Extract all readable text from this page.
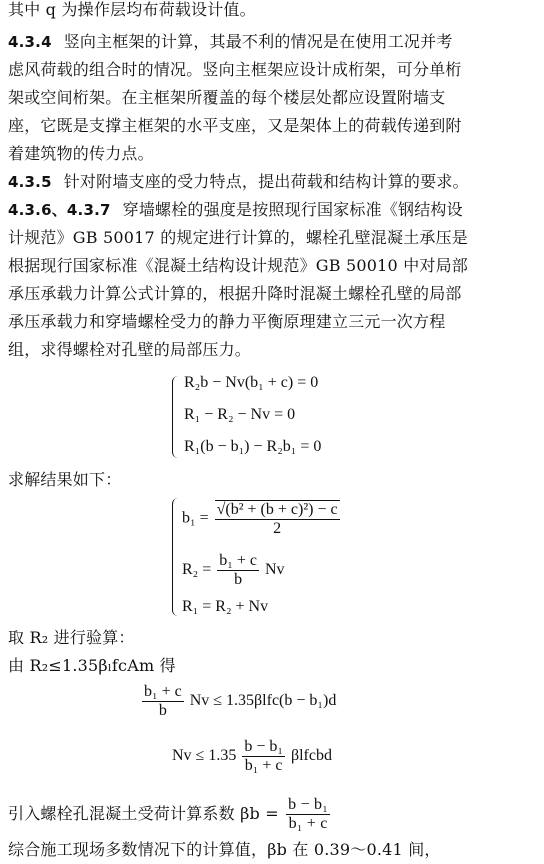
其中 q 为操作层均布荷载设计值。
4.3.4 竖向主框架的计算，其最不利的情况是在使用工况并考
虑风荷载的组合时的情况。竖向主框架应设计成桁架，可分单桁
架或空间桁架。在主框架所覆盖的每个楼层处都应设置附墙支
座，它既是支撑主框架的水平支座，又是架体上的荷载传递到附
着建筑物的传力点。
4.3.5 针对附墙支座的受力特点，提出荷载和结构计算的要求。
4.3.6、4.3.7 穿墙螺栓的强度是按照现行国家标准《钢结构设
计规范》GB 50017 的规定进行计算的，螺栓孔壁混凝土承压是
根据现行国家标准《混凝土结构设计规范》GB 50010 中对局部
承压承载力计算公式计算的，根据升降时混凝土螺栓孔壁的局部
承压承载力和穿墙螺栓受力的静力平衡原理建立三元一次方程
组，求得螺栓对孔壁的局部压力。
R₂b − Nv(b₁ + c) = 0
R₁ − R₂ − Nv = 0
R₁(b − b₁) − R₂b₁ = 0
求解结果如下：
$b_1 = \frac{\text{√(b² + (b + c)²) − c}}{2}$
$R_2 = \frac{\text{b₁ + c}}{b}$ Nv
R₁ = R₂ + Nv
取 R₂ 进行验算：
由 R₂≤1.35βₗfcAm 得
$\frac{\text{b₁ + c}}{b}$ Nv ≤ 1.35βlfc(b − b₁)d
$Nv \le 1.35 \frac{\text{b − b₁}}{\text{b₁ + c}}$ βlfcbd
引入螺栓孔混凝土受荷计算系数 $\beta b = \frac{\text{b − b₁}}{\text{b₁ + c}}$
综合施工现场多数情况下的计算值，βb 在 0.39～0.41 间，
